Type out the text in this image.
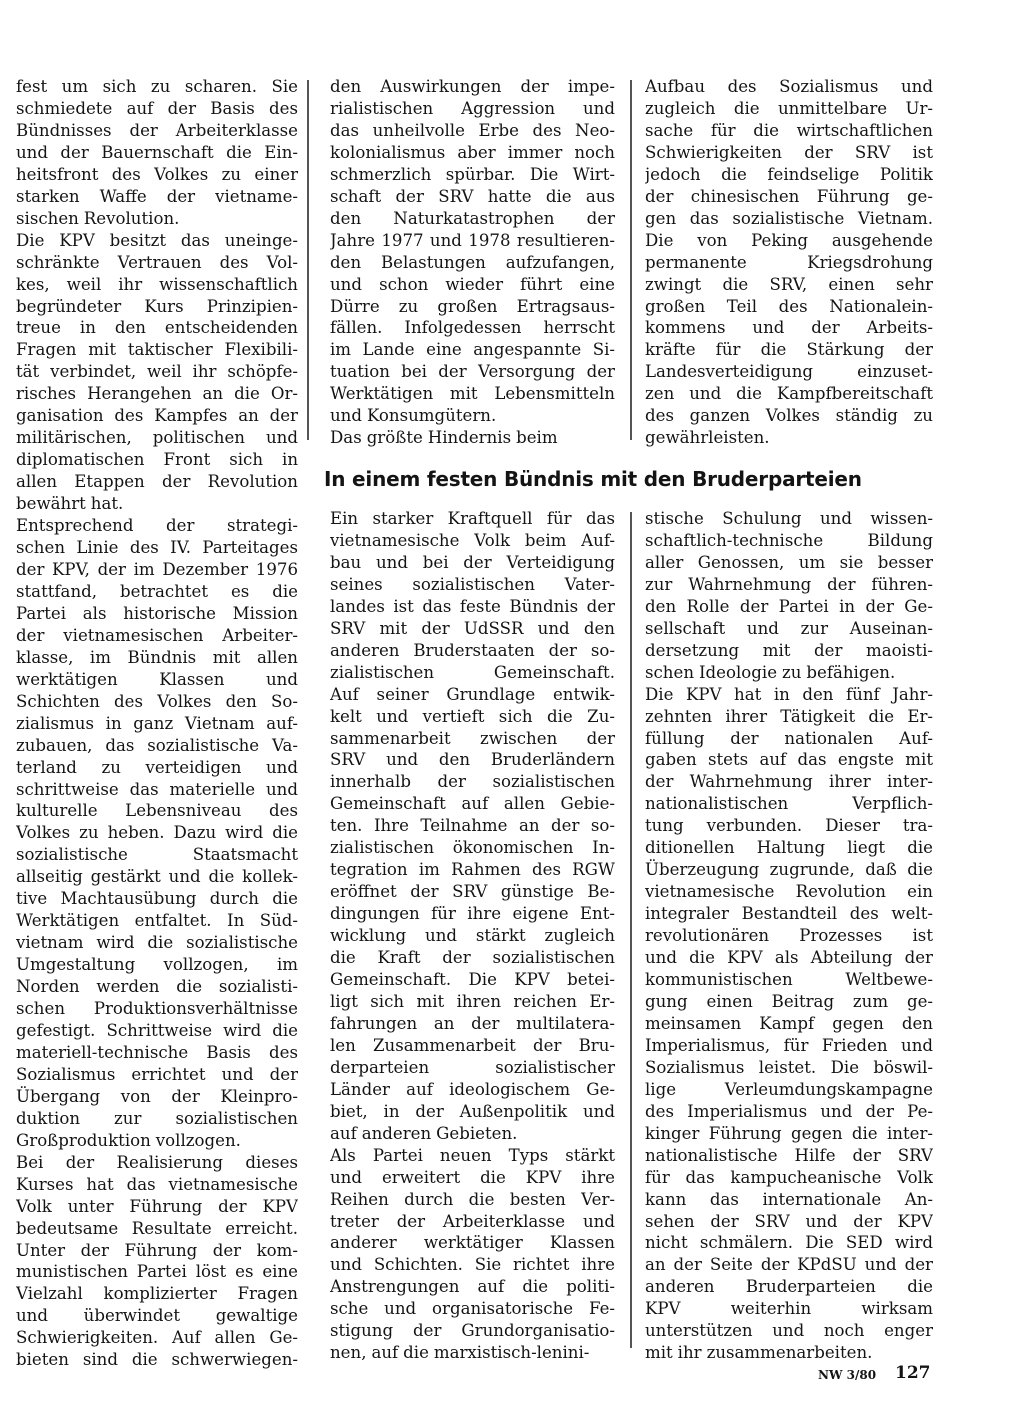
fest um sich zu scharen. Sie
schmiedete auf der Basis des
Bündnisses der Arbeiterklasse
und der Bauernschaft die Ein-
heitsfront des Volkes zu einer
starken Waffe der vietname-
sischen Revolution.
Die KPV besitzt das uneinge-
schränkte Vertrauen des Vol-
kes, weil ihr wissenschaftlich
begründeter Kurs Prinzipien-
treue in den entscheidenden
Fragen mit taktischer Flexibili-
tät verbindet, weil ihr schöpfe-
risches Herangehen an die Or-
ganisation des Kampfes an der
militärischen, politischen und
diplomatischen Front sich in
allen Etappen der Revolution
bewährt hat.
Entsprechend der strategi-
schen Linie des IV. Parteitages
der KPV, der im Dezember 1976
stattfand, betrachtet es die
Partei als historische Mission
der vietnamesischen Arbeiter-
klasse, im Bündnis mit allen
werktätigen Klassen und
Schichten des Volkes den So-
zialismus in ganz Vietnam auf-
zubauen, das sozialistische Va-
terland zu verteidigen und
schrittweise das materielle und
kulturelle Lebensniveau des
Volkes zu heben. Dazu wird die
sozialistische Staatsmacht
allseitig gestärkt und die kollek-
tive Machtausübung durch die
Werktätigen entfaltet. In Süd-
vietnam wird die sozialistische
Umgestaltung vollzogen, im
Norden werden die sozialisti-
schen Produktionsverhältnisse
gefestigt. Schrittweise wird die
materiell-technische Basis des
Sozialismus errichtet und der
Übergang von der Kleinpro-
duktion zur sozialistischen
Großproduktion vollzogen.
Bei der Realisierung dieses
Kurses hat das vietnamesische
Volk unter Führung der KPV
bedeutsame Resultate erreicht.
Unter der Führung der kom-
munistischen Partei löst es eine
Vielzahl komplizierter Fragen
und überwindet gewaltige
Schwierigkeiten. Auf allen Ge-
bieten sind die schwerwiegen-
den Auswirkungen der impe-
rialistischen Aggression und
das unheilvolle Erbe des Neo-
kolonialismus aber immer noch
schmerzlich spürbar. Die Wirt-
schaft der SRV hatte die aus
den Naturkatastrophen der
Jahre 1977 und 1978 resultieren-
den Belastungen aufzufangen,
und schon wieder führt eine
Dürre zu großen Ertragsaus-
fällen. Infolgedessen herrscht
im Lande eine angespannte Si-
tuation bei der Versorgung der
Werktätigen mit Lebensmitteln
und Konsumgütern.
Das größte Hindernis beim
Aufbau des Sozialismus und
zugleich die unmittelbare Ur-
sache für die wirtschaftlichen
Schwierigkeiten der SRV ist
jedoch die feindselige Politik
der chinesischen Führung ge-
gen das sozialistische Vietnam.
Die von Peking ausgehende
permanente Kriegsdrohung
zwingt die SRV, einen sehr
großen Teil des Nationalein-
kommens und der Arbeits-
kräfte für die Stärkung der
Landesverteidigung einzuset-
zen und die Kampfbereitschaft
des ganzen Volkes ständig zu
gewährleisten.
In einem festen Bündnis mit den Bruderparteien
Ein starker Kraftquell für das
vietnamesische Volk beim Auf-
bau und bei der Verteidigung
seines sozialistischen Vater-
landes ist das feste Bündnis der
SRV mit der UdSSR und den
anderen Bruderstaaten der so-
zialistischen Gemeinschaft.
Auf seiner Grundlage entwik-
kelt und vertieft sich die Zu-
sammenarbeit zwischen der
SRV und den Bruderländern
innerhalb der sozialistischen
Gemeinschaft auf allen Gebie-
ten. Ihre Teilnahme an der so-
zialistischen ökonomischen In-
tegration im Rahmen des RGW
eröffnet der SRV günstige Be-
dingungen für ihre eigene Ent-
wicklung und stärkt zugleich
die Kraft der sozialistischen
Gemeinschaft. Die KPV betei-
ligt sich mit ihren reichen Er-
fahrungen an der multilatera-
len Zusammenarbeit der Bru-
derparteien sozialistischer
Länder auf ideologischem Ge-
biet, in der Außenpolitik und
auf anderen Gebieten.
Als Partei neuen Typs stärkt
und erweitert die KPV ihre
Reihen durch die besten Ver-
treter der Arbeiterklasse und
anderer werktätiger Klassen
und Schichten. Sie richtet ihre
Anstrengungen auf die politi-
sche und organisatorische Fe-
stigung der Grundorganisatio-
nen, auf die marxistisch-lenini-
stische Schulung und wissen-
schaftlich-technische Bildung
aller Genossen, um sie besser
zur Wahrnehmung der führen-
den Rolle der Partei in der Ge-
sellschaft und zur Auseinan-
dersetzung mit der maoisti-
schen Ideologie zu befähigen.
Die KPV hat in den fünf Jahr-
zehnten ihrer Tätigkeit die Er-
füllung der nationalen Auf-
gaben stets auf das engste mit
der Wahrnehmung ihrer inter-
nationalistischen Verpflich-
tung verbunden. Dieser tra-
ditionellen Haltung liegt die
Überzeugung zugrunde, daß die
vietnamesische Revolution ein
integraler Bestandteil des welt-
revolutionären Prozesses ist
und die KPV als Abteilung der
kommunistischen Weltbewe-
gung einen Beitrag zum ge-
meinsamen Kampf gegen den
Imperialismus, für Frieden und
Sozialismus leistet. Die böswil-
lige Verleumdungskampagne
des Imperialismus und der Pe-
kinger Führung gegen die inter-
nationalistische Hilfe der SRV
für das kampucheanische Volk
kann das internationale An-
sehen der SRV und der KPV
nicht schmälern. Die SED wird
an der Seite der KPdSU und der
anderen Bruderparteien die
KPV weiterhin wirksam
unterstützen und noch enger
mit ihr zusammenarbeiten.
NW 3/80 127
